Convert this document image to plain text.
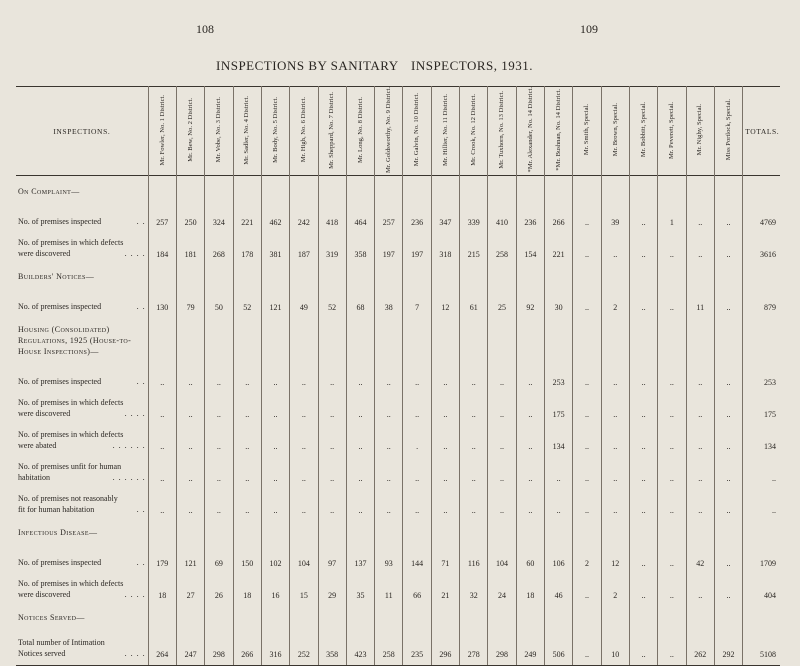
108	109
INSPECTIONS BY SANITARY INSPECTORS, 1931.
INSPECTIONS.	Mr. Fowler, No. 1 District.	Mr. Bew, No. 2 District.	Mr. Vobe, No. 3 District.	Mr. Sadler, No. 4 District.	Mr. Body, No. 5 District.	Mr. High, No. 6 District.	Mr. Sheppard, No. 7 District.	Mr. Long, No. 8 District.	Mr. Goldsworthy, No. 9 District.	Mr. Galvin, No. 10 District.	Mr. Hillier, No. 11 District.	Mr. Crook, No. 12 District.	Mr. Tuxhorn, No. 13 District.	*Mr. Alexander, No. 14 District.	*Mr. Bushnan, No. 14 District.	Mr. Smith, Special.	Mr. Brown, Special.	Mr. Bobbitt, Special.	Mr. Peverett, Special.	Mr. Nighy, Special.	Miss Portlock, Special.	TOTALS.

On Complaint—																						
No. of premises inspected . .	257	250	324	221	462	242	418	464	257	236	347	339	410	236	266	..	39	..	1	..	..	4769
No. of premises in which defects
were discovered . . . .	184	181	268	178	381	187	319	358	197	197	318	215	258	154	221	..	..	..	..	..	..	3616
Builders' Notices—																						
No. of premises inspected . .	130	79	50	52	121	49	52	68	38	7	12	61	25	92	30	..	2	..	..	11	..	879
Housing (Consolidated) Regulations, 1925 (House-to-House Inspections)—																						
No. of premises inspected . .	..	..	..	..	..	..	..	..	..	..	..	..	..	..	253	..	..	..	..	..	..	253
No. of premises in which defects
were discovered . . . .	..	..	..	..	..	..	..	..	..	..	..	..	..	..	175	..	..	..	..	..	..	175
No. of premises in which defects
were abated . . . . . .	..	..	..	..	..	..	..	..	..	.	..	..	..	..	134	..	..	..	..	..	..	134
No. of premises unfit for human
habitation . . . . . .	..	..	..	..	..	..	..	..	..	..	..	..	..	..	..	..	..	..	..	..	..	..
No. of premises not reasonably
fit for human habitation . .	..	..	..	..	..	..	..	..	..	..	..	..	..	..	..	..	..	..	..	..	..	..
Infectious Disease—																						
No. of premises inspected . .	179	121	69	150	102	104	97	137	93	144	71	116	104	60	106	2	12	..	..	42	..	1709
No. of premises in which defects
were discovered . . . .	18	27	26	18	16	15	29	35	11	66	21	32	24	18	46	..	2	..	..	..	..	404
Notices Served—																						
Total number of Intimation
Notices served . . . .	264	247	298	266	316	252	358	423	258	235	296	278	298	249	506	..	10	..	..	262	292	5108
